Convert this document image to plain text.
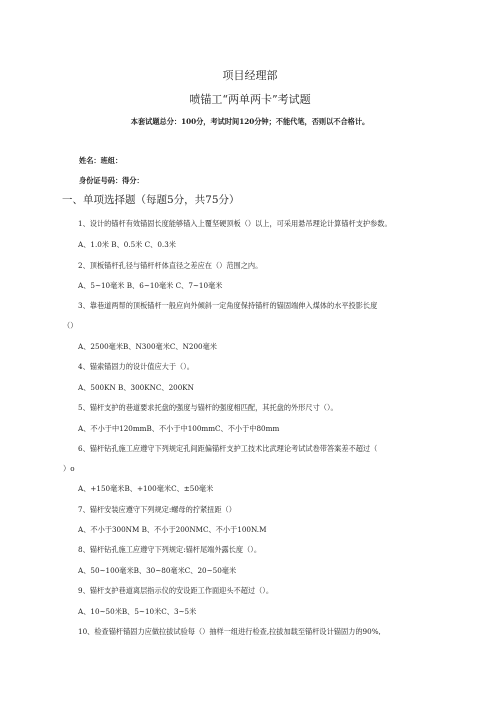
项目经理部
喷锚工“两单两卡”考试题
本套试题总分：100分，考试时间120分钟；不能代笔，否则以不合格计。
姓名：班组：
身份证号码：得分：
一、单项选择题（每题5分，共75分）
1、设计的锚杆有效锚固长度能够锚入上覆坚硬顶板（）以上，可采用悬吊理论计算锚杆支护参数。
A、1.0米 B、0.5米 C、0.3米
2、顶板锚杆孔径与锚杆杆体直径之差应在（）范围之内。
A、5~10毫米 B、6~10毫米 C、7~10毫米
3、靠巷道两帮的顶板锚杆一般应向外倾斜一定角度保持锚杆的锚固端伸入煤体的水平投影长度
（）
A、2500毫米B、N300毫米C、N200毫米
4、锚索锚固力的设计值应大于（）。
A、500KN B、300KNC、200KN
5、锚杆支护的巷道要求托盘的强度与锚杆的强度相匹配，其托盘的外形尺寸（）。
A、不小于中120mmB、不小于中100mmC、不小于中80mm
6、锚杆钻孔施工应遵守下列规定孔间距偏锚杆支护工技术比武理论考试试卷带答案差不超过（
）o
A、+150毫米B、+100毫米C、±50毫米
7、锚杆安装应遵守下列规定:螺母的拧紧扭距（）
A、不小于300NM B、不小于200NMC、不小于100N.M
8、锚杆钻孔施工应遵守下列规定:锚杆尾端外露长度（）。
A、50~100毫米B、30~80毫米C、20~50毫米
9、锚杆支护巷道离层指示仪的安设距工作面迎头不超过（）。
A、10~50米B、5~10米C、3~5米
10、检查锚杆锚固力应做拉拔试验每（）抽样一组进行检查,拉拔加载至锚杆设计锚固力的90%,
